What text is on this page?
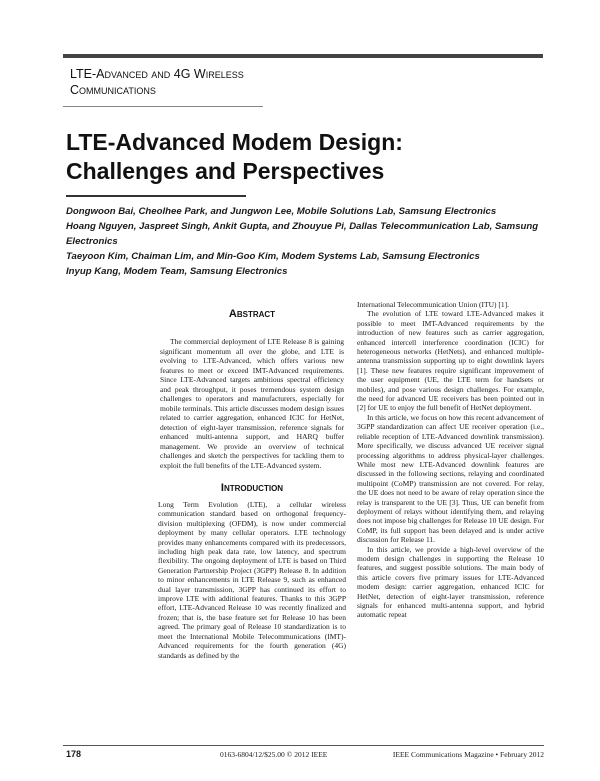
LTE-Advanced and 4G Wireless
Communications
LTE-Advanced Modem Design:
Challenges and Perspectives
Dongwoon Bai, Cheolhee Park, and Jungwon Lee, Mobile Solutions Lab, Samsung Electronics
Hoang Nguyen, Jaspreet Singh, Ankit Gupta, and Zhouyue Pi, Dallas Telecommunication Lab, Samsung Electronics
Taeyoon Kim, Chaiman Lim, and Min-Goo Kim, Modem Systems Lab, Samsung Electronics
Inyup Kang, Modem Team, Samsung Electronics
Abstract

The commercial deployment of LTE Release 8 is gaining significant momentum all over the globe, and LTE is evolving to LTE-Advanced, which offers various new features to meet or exceed IMT-Advanced requirements. Since LTE-Advanced targets ambitious spectral efficiency and peak throughput, it poses tremendous system design challenges to operators and manufacturers, especially for mobile terminals. This article discusses modem design issues related to carrier aggregation, enhanced ICIC for HetNet, detection of eight-layer transmission, reference signals for enhanced multi-antenna support, and HARQ buffer management. We provide an overview of technical challenges and sketch the perspectives for tackling them to exploit the full benefits of the LTE-Advanced system.

Introduction

Long Term Evolution (LTE), a cellular wireless communication standard based on orthogonal frequency-division multiplexing (OFDM), is now under commercial deployment by many cellular operators. LTE technology provides many enhancements compared with its predecessors, including high peak data rate, low latency, and spectrum flexibility. The ongoing deployment of LTE is based on Third Generation Partnership Project (3GPP) Release 8. In addition to minor enhancements in LTE Release 9, such as enhanced dual layer transmission, 3GPP has continued its effort to improve LTE with additional features. Thanks to this 3GPP effort, LTE-Advanced Release 10 was recently finalized and frozen; that is, the base feature set for Release 10 has been agreed. The primary goal of Release 10 standardization is to meet the International Mobile Telecommunications (IMT)-Advanced requirements for the fourth generation (4G) standards as defined by the

International Telecommunication Union (ITU) [1].

The evolution of LTE toward LTE-Advanced makes it possible to meet IMT-Advanced requirements by the introduction of new features such as carrier aggregation, enhanced intercell interference coordination (ICIC) for heterogeneous networks (HetNets), and enhanced multiple-antenna transmission supporting up to eight downlink layers [1]. These new features require significant improvement of the user equipment (UE, the LTE term for handsets or mobiles), and pose various design challenges. For example, the need for advanced UE receivers has been pointed out in [2] for UE to enjoy the full benefit of HetNet deployment.

In this article, we focus on how this recent advancement of 3GPP standardization can affect UE receiver operation (i.e., reliable reception of LTE-Advanced downlink transmission). More specifically, we discuss advanced UE receiver signal processing algorithms to address physical-layer challenges. While most new LTE-Advanced downlink features are discussed in the following sections, relaying and coordinated multipoint (CoMP) transmission are not covered. For relay, the UE does not need to be aware of relay operation since the relay is transparent to the UE [3]. Thus, UE can benefit from deployment of relays without identifying them, and relaying does not impose big challenges for Release 10 UE design. For CoMP, its full support has been delayed and is under active discussion for Release 11.

In this article, we provide a high-level overview of the modem design challenges in supporting the Release 10 features, and suggest possible solutions. The main body of this article covers five primary issues for LTE-Advanced modem design: carrier aggregation, enhanced ICIC for HetNet, detection of eight-layer transmission, reference signals for enhanced multi-antenna support, and hybrid automatic repeat

178	0163-6804/12/$25.00 © 2012 IEEE	IEEE Communications Magazine • February 2012
